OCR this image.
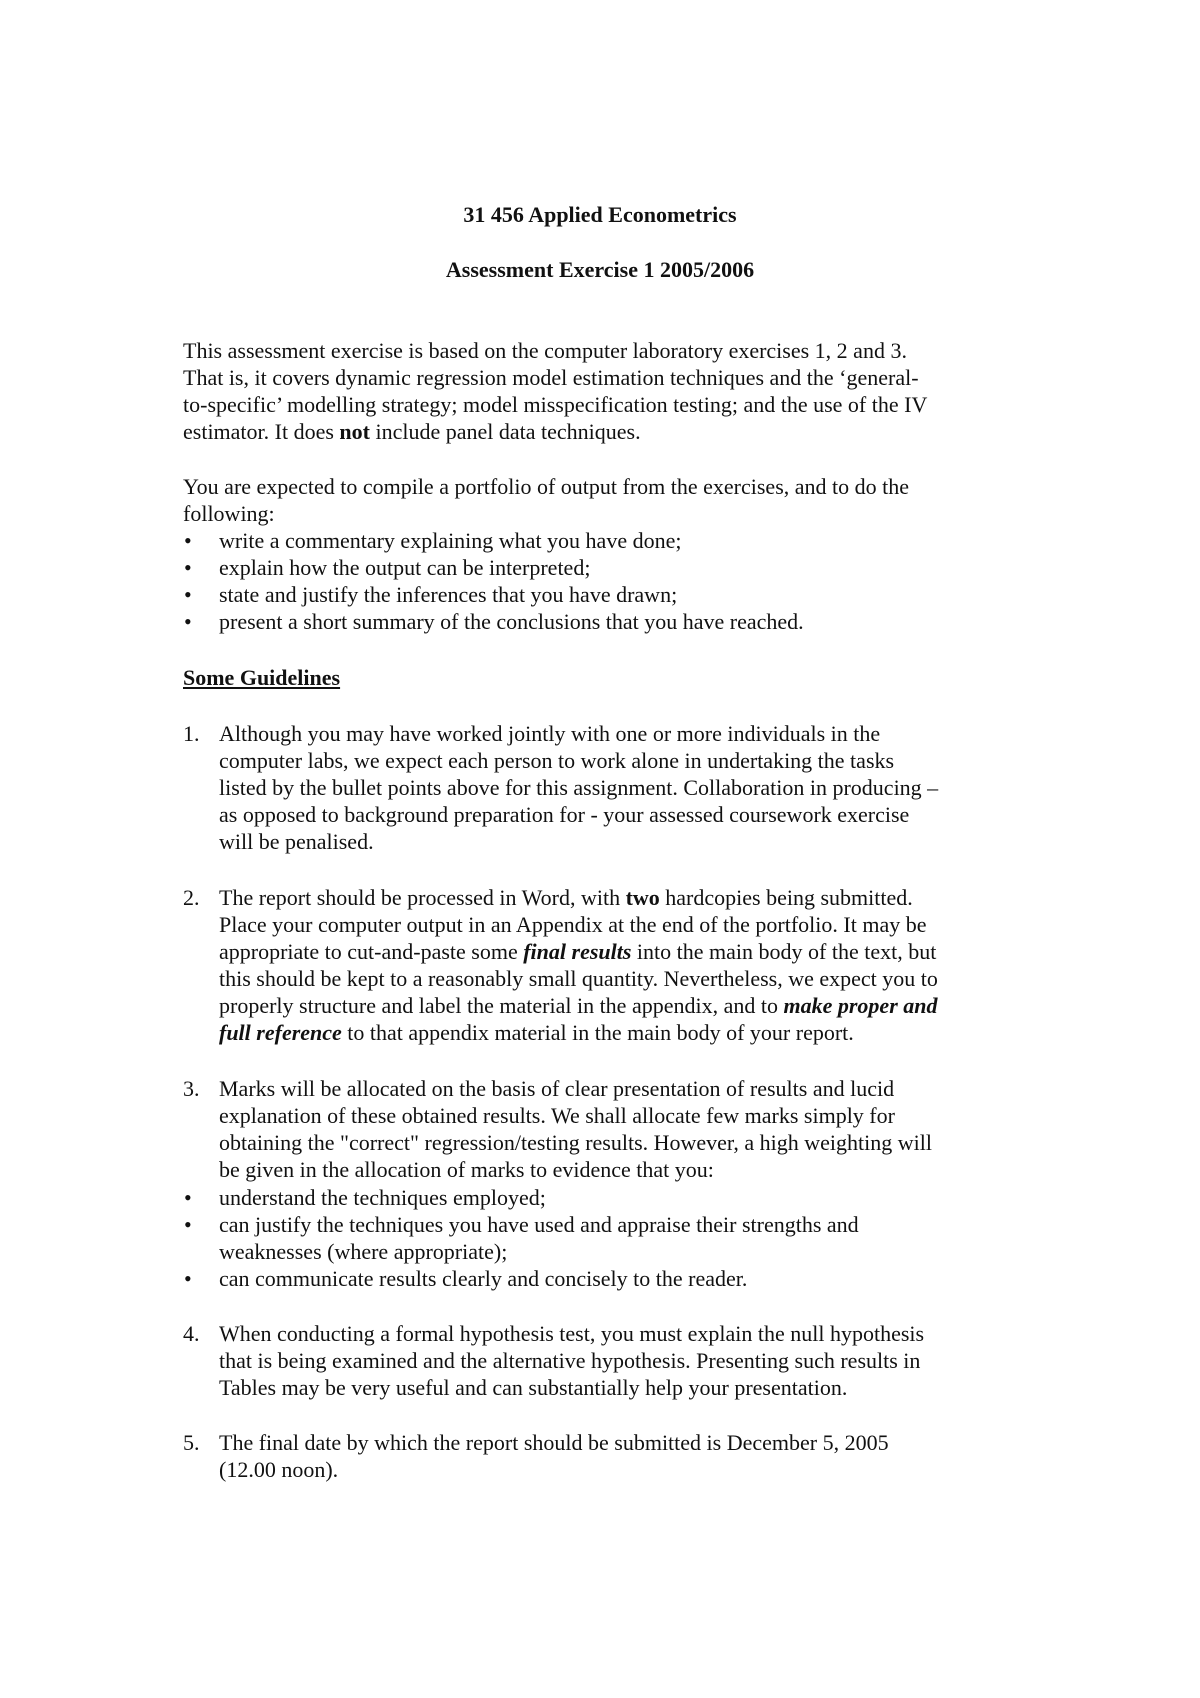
31 456 Applied Econometrics
Assessment Exercise 1 2005/2006
This assessment exercise is based on the computer laboratory exercises 1, 2 and 3.
That is, it covers dynamic regression model estimation techniques and the ‘general-
to-specific’ modelling strategy; model misspecification testing; and the use of the IV
estimator. It does not include panel data techniques.
You are expected to compile a portfolio of output from the exercises, and to do the
following:
• write a commentary explaining what you have done;
• explain how the output can be interpreted;
• state and justify the inferences that you have drawn;
• present a short summary of the conclusions that you have reached.
Some Guidelines
1. Although you may have worked jointly with one or more individuals in the
computer labs, we expect each person to work alone in undertaking the tasks
listed by the bullet points above for this assignment. Collaboration in producing –
as opposed to background preparation for - your assessed coursework exercise
will be penalised.
2. The report should be processed in Word, with two hardcopies being submitted.
Place your computer output in an Appendix at the end of the portfolio. It may be
appropriate to cut-and-paste some final results into the main body of the text, but
this should be kept to a reasonably small quantity. Nevertheless, we expect you to
properly structure and label the material in the appendix, and to make proper and
full reference to that appendix material in the main body of your report.
3. Marks will be allocated on the basis of clear presentation of results and lucid
explanation of these obtained results. We shall allocate few marks simply for
obtaining the "correct" regression/testing results. However, a high weighting will
be given in the allocation of marks to evidence that you:
• understand the techniques employed;
• can justify the techniques you have used and appraise their strengths and
weaknesses (where appropriate);
• can communicate results clearly and concisely to the reader.
4. When conducting a formal hypothesis test, you must explain the null hypothesis
that is being examined and the alternative hypothesis. Presenting such results in
Tables may be very useful and can substantially help your presentation.
5. The final date by which the report should be submitted is December 5, 2005
(12.00 noon).
